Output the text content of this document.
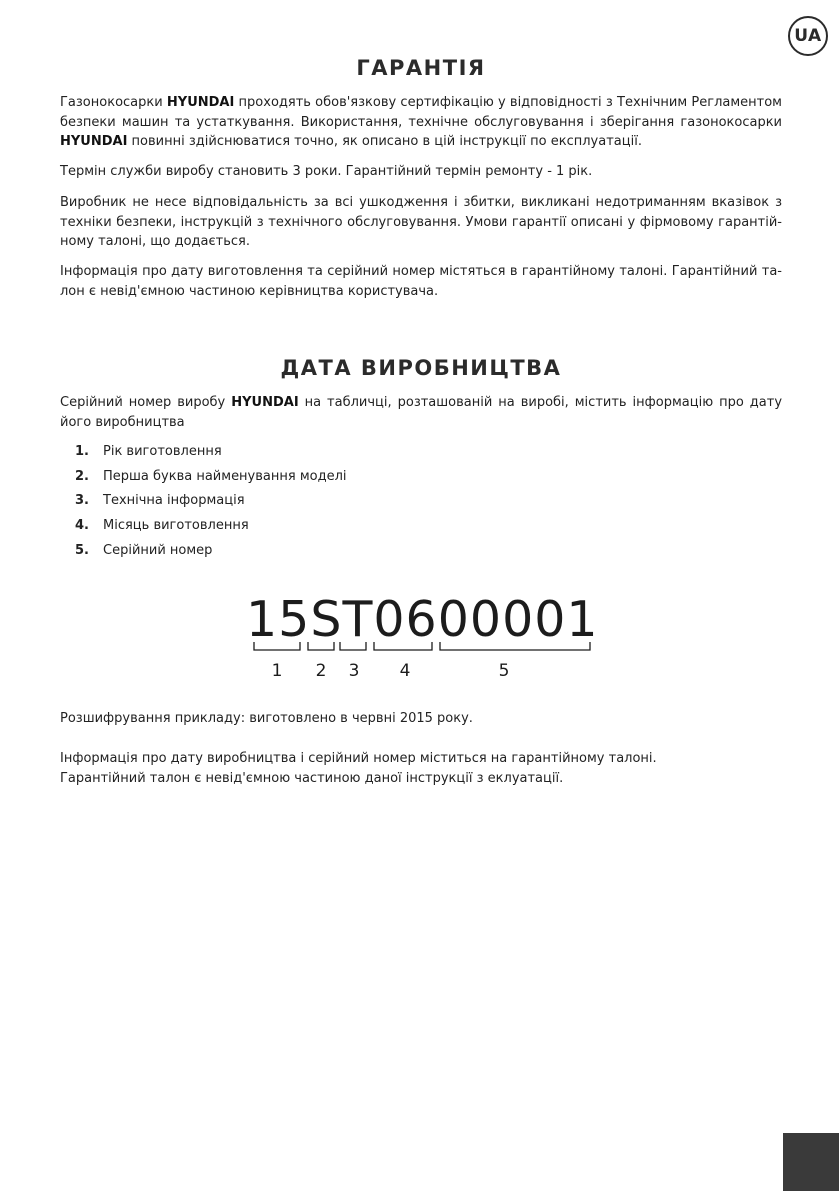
UA
ГАРАНТІЯ

Газонокосарки HYUNDAI проходять обов'язкову сертифікацію у відповідності з Технічним Регламентом безпеки машин та устаткування. Використання, технічне обслуговування і зберігання газонокосарки HYUNDAI повинні здійснюватися точно, як описано в цій інструкції по експлуатації.

Термін служби виробу становить 3 роки. Гарантійний термін ремонту - 1 рік.

Виробник не несе відповідальність за всі ушкодження і збитки, викликані недотриманням вказівок з техніки безпеки, інструкцій з технічного обслуговування. Умови гарантії описані у фірмовому гарантій-ному талоні, що додається.

Інформація про дату виготовлення та серійний номер містяться в гарантійному талоні. Гарантійний та-лон є невід'ємною частиною керівництва користувача.

ДАТА ВИРОБНИЦТВА

Серійний номер виробу HYUNDAI на табличці, розташованій на виробі, містить інформацію про дату його виробництва

1.	Рік виготовлення
2.	Перша буква найменування моделі
3.	Технічна інформація
4.	Місяць виготовлення
5.	Серійний номер

Розшифрування прикладу: виготовлено в червні 2015 року.

Інформація про дату виробництва і серійний номер міститься на гарантійному талоні.
Гарантійний талон є невід'ємною частиною даної інструкції з еклуатації.

15ST0600001
1 2 3 4	5
